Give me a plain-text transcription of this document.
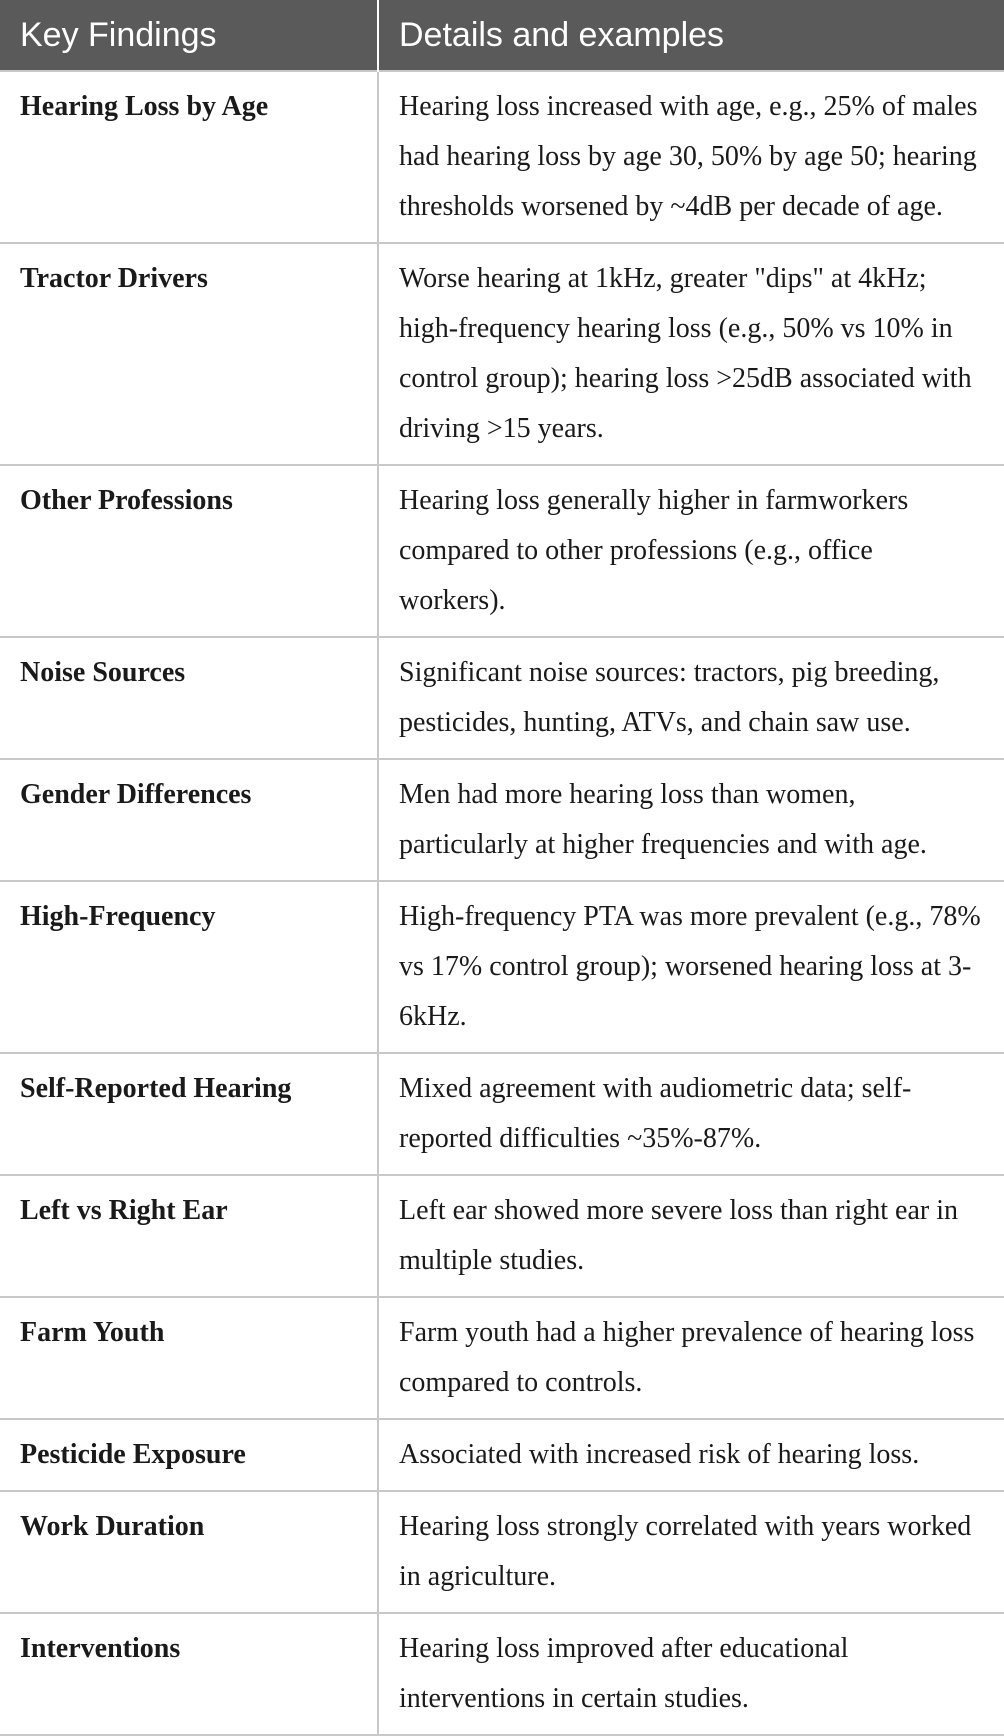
Key Findings	Details and examples
Hearing Loss by Age	Hearing loss increased with age, e.g., 25% of males had hearing loss by age 30, 50% by age 50; hearing thresholds worsened by ~4dB per decade of age.
Tractor Drivers	Worse hearing at 1kHz, greater "dips" at 4kHz; high-frequency hearing loss (e.g., 50% vs 10% in control group); hearing loss >25dB associated with driving >15 years.
Other Professions	Hearing loss generally higher in farmworkers compared to other professions (e.g., office workers).
Noise Sources	Significant noise sources: tractors, pig breeding, pesticides, hunting, ATVs, and chain saw use.
Gender Differences	Men had more hearing loss than women, particularly at higher frequencies and with age.
High-Frequency	High-frequency PTA was more prevalent (e.g., 78% vs 17% control group); worsened hearing loss at 3-6kHz.
Self-Reported Hearing	Mixed agreement with audiometric data; self-reported difficulties ~35%-87%.
Left vs Right Ear	Left ear showed more severe loss than right ear in multiple studies.
Farm Youth	Farm youth had a higher prevalence of hearing loss compared to controls.
Pesticide Exposure	Associated with increased risk of hearing loss.
Work Duration	Hearing loss strongly correlated with years worked in agriculture.
Interventions	Hearing loss improved after educational interventions in certain studies.
